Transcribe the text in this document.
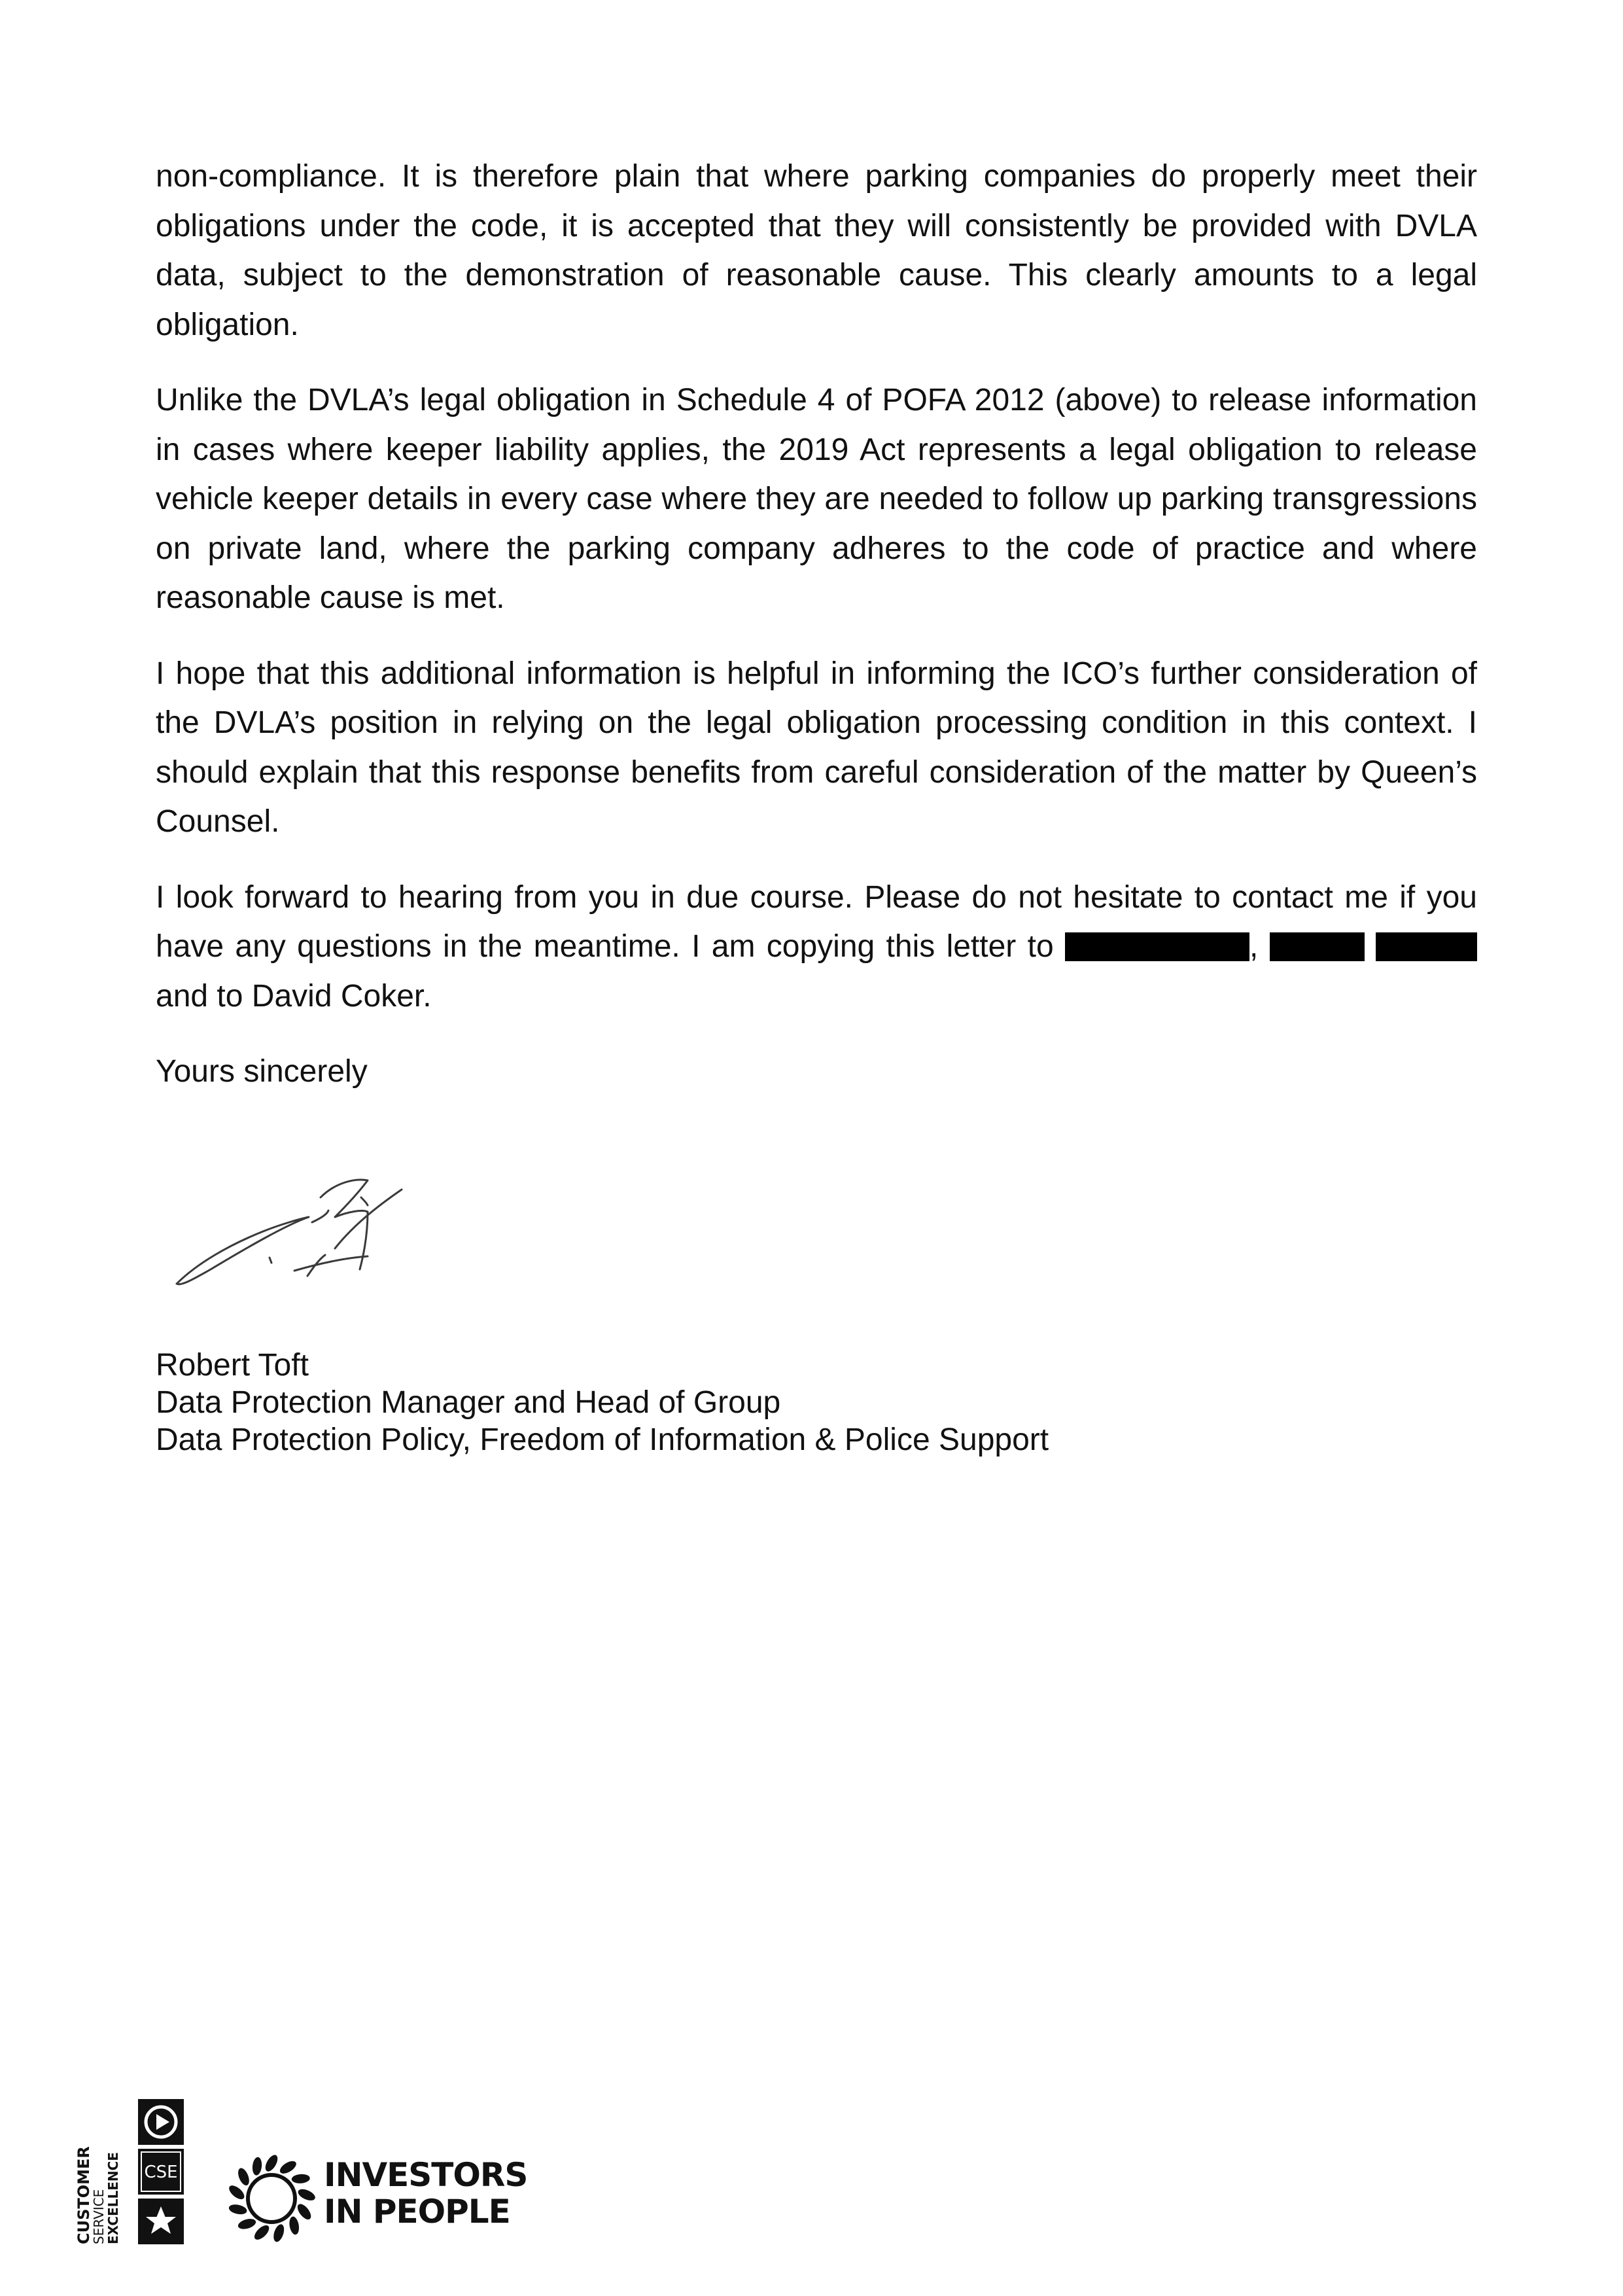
non-compliance. It is therefore plain that where parking companies do properly meet their obligations under the code, it is accepted that they will consistently be provided with DVLA data, subject to the demonstration of reasonable cause. This clearly amounts to a legal obligation.

Unlike the DVLA’s legal obligation in Schedule 4 of POFA 2012 (above) to release information in cases where keeper liability applies, the 2019 Act represents a legal obligation to release vehicle keeper details in every case where they are needed to follow up parking transgressions on private land, where the parking company adheres to the code of practice and where reasonable cause is met.

I hope that this additional information is helpful in informing the ICO’s further consideration of the DVLA’s position in relying on the legal obligation processing condition in this context. I should explain that this response benefits from careful consideration of the matter by Queen’s Counsel.

I look forward to hearing from you in due course. Please do not hesitate to contact me if you have any questions in the meantime. I am copying this letter to	,  and to David Coker.

Yours sincerely

Robert Toft
Data Protection Manager and Head of Group
Data Protection Policy, Freedom of Information & Police Support
CUSTOMER
SERVICE
EXCELLENCE CSE	INVESTORS
IN PEOPLE
